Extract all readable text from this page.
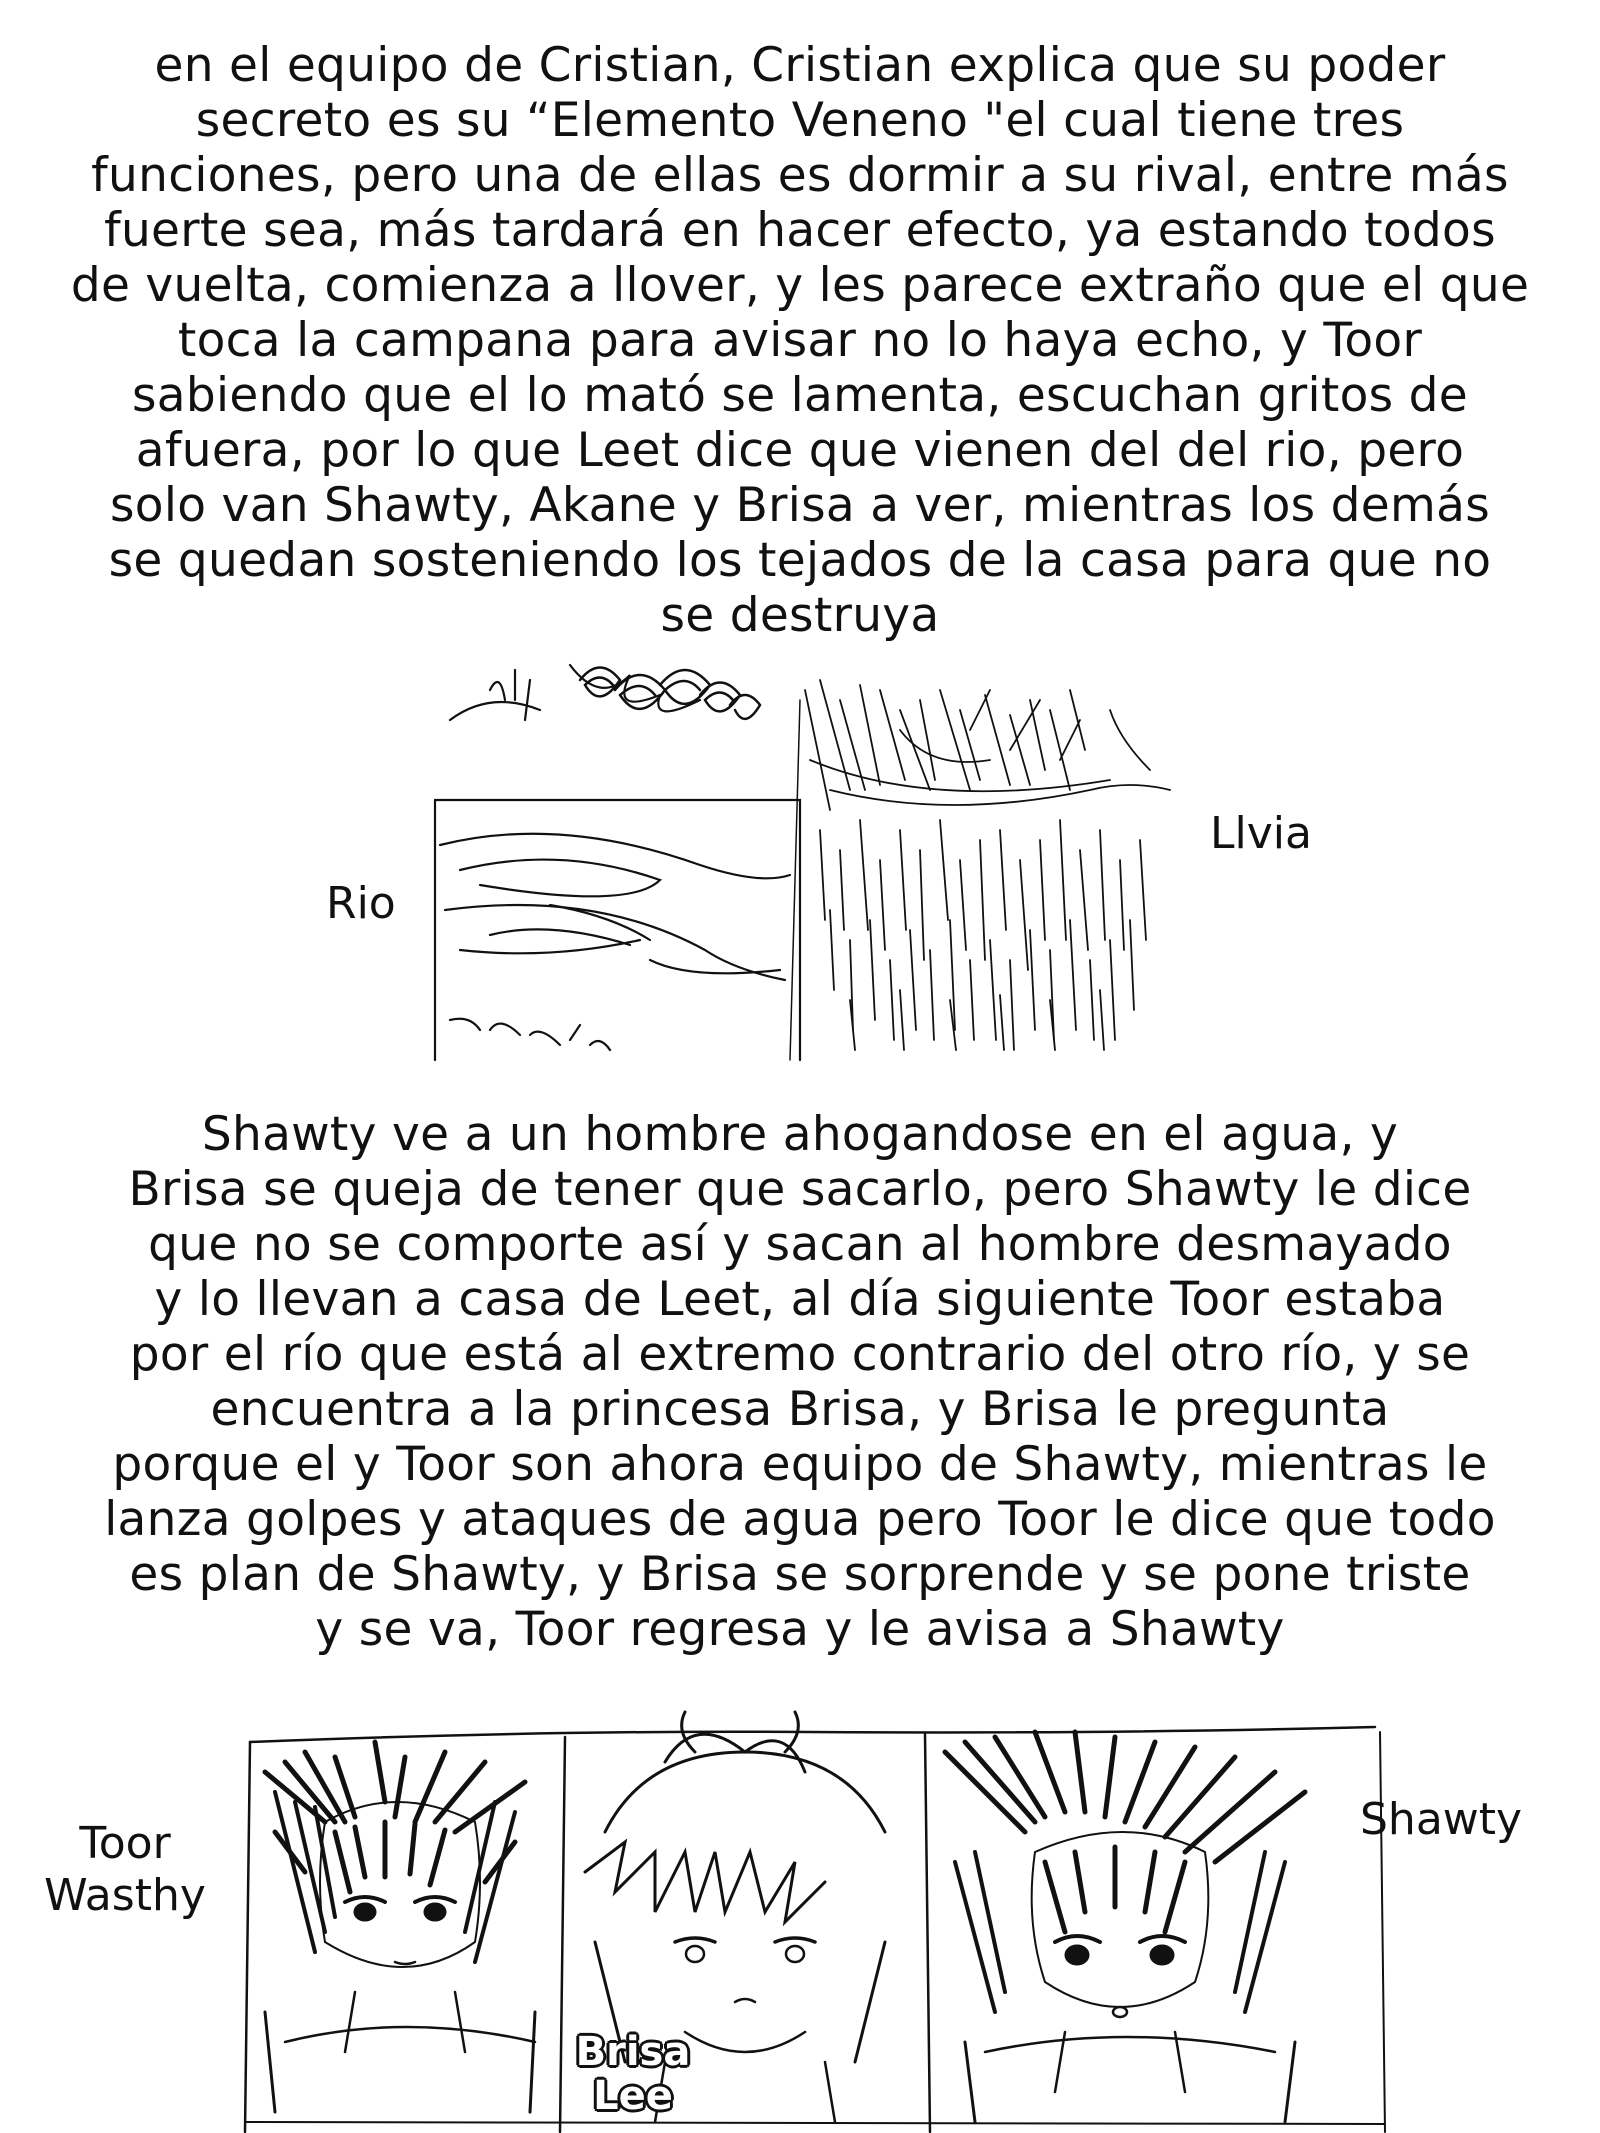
en el equipo de Cristian, Cristian explica que su poder
secreto es su “Elemento Veneno "el cual tiene tres
funciones, pero una de ellas es dormir a su rival, entre más
fuerte sea, más tardará en hacer efecto, ya estando todos
de vuelta, comienza a llover, y les parece extraño que el que
toca la campana para avisar no lo haya echo, y Toor
sabiendo que el lo mató se lamenta, escuchan gritos de
afuera, por lo que Leet dice que vienen del del rio, pero
solo van Shawty, Akane y Brisa a ver, mientras los demás
se quedan sosteniendo los tejados de la casa para que no
se destruya
Rio
Llvia
Shawty ve a un hombre ahogandose en el agua, y
Brisa se queja de tener que sacarlo, pero Shawty le dice
que no se comporte así y sacan al hombre desmayado
y lo llevan a casa de Leet, al día siguiente Toor estaba
por el río que está al extremo contrario del otro río, y se
encuentra a la princesa Brisa, y Brisa le pregunta
porque el y Toor son ahora equipo de Shawty, mientras le
lanza golpes y ataques de agua pero Toor le dice que todo
es plan de Shawty, y Brisa se sorprende y se pone triste
y se va, Toor regresa y le avisa a Shawty
Toor
Wasthy
Shawty
Brisa
Lee
